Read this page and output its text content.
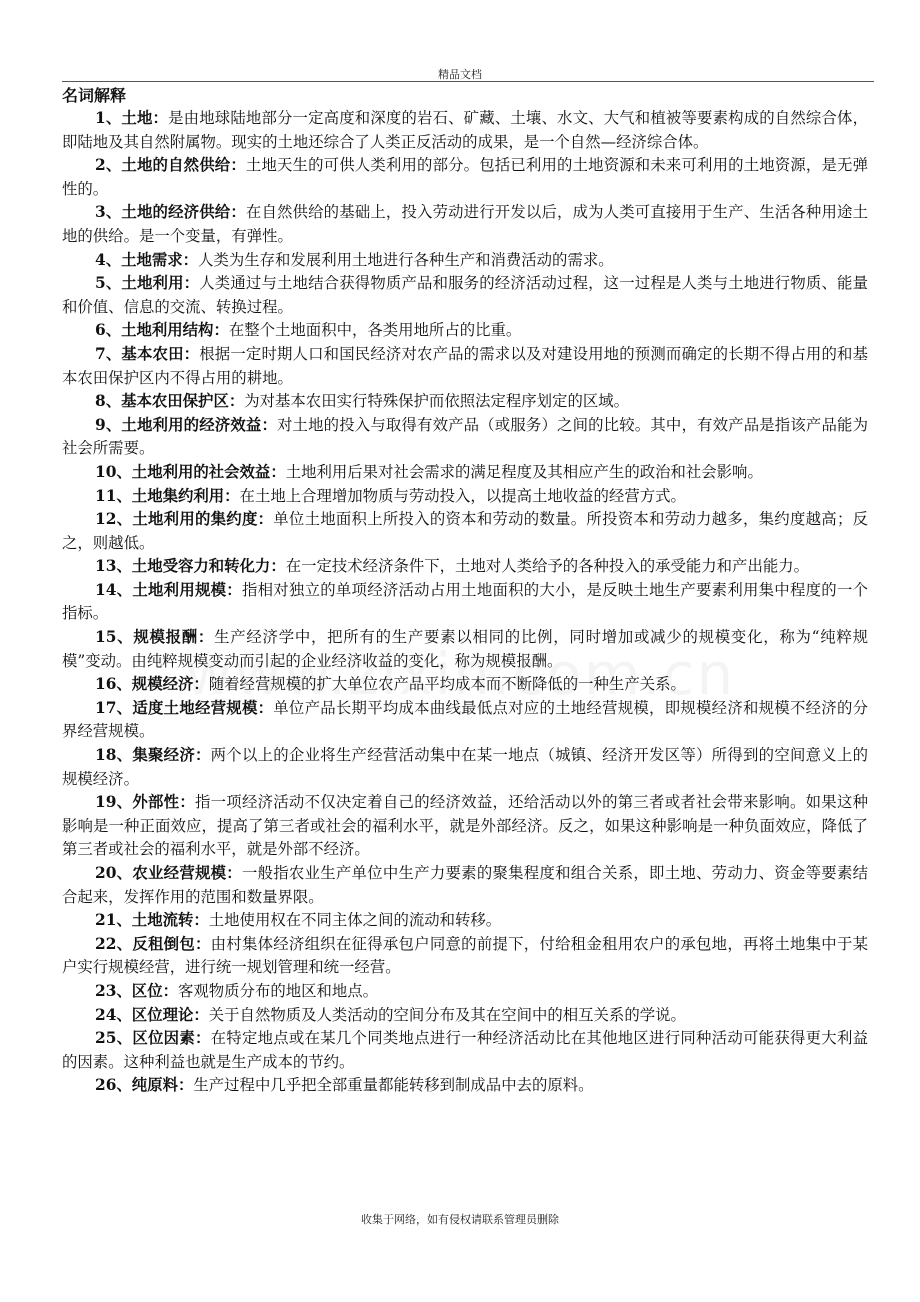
精品文档

名词解释

1、土地：是由地球陆地部分一定高度和深度的岩石、矿藏、土壤、水文、大气和植被等要素构成的自然综合体，即陆地及其自然附属物。现实的土地还综合了人类正反活动的成果，是一个自然—经济综合体。

2、土地的自然供给：土地天生的可供人类利用的部分。包括已利用的土地资源和未来可利用的土地资源，是无弹性的。

3、土地的经济供给：在自然供给的基础上，投入劳动进行开发以后，成为人类可直接用于生产、生活各种用途土地的供给。是一个变量，有弹性。

4、土地需求：人类为生存和发展利用土地进行各种生产和消费活动的需求。

5、土地利用：人类通过与土地结合获得物质产品和服务的经济活动过程，这一过程是人类与土地进行物质、能量和价值、信息的交流、转换过程。

6、土地利用结构：在整个土地面积中，各类用地所占的比重。

7、基本农田：根据一定时期人口和国民经济对农产品的需求以及对建设用地的预测而确定的长期不得占用的和基本农田保护区内不得占用的耕地。

8、基本农田保护区：为对基本农田实行特殊保护而依照法定程序划定的区域。

9、土地利用的经济效益：对土地的投入与取得有效产品（或服务）之间的比较。其中，有效产品是指该产品能为社会所需要。

10、土地利用的社会效益：土地利用后果对社会需求的满足程度及其相应产生的政治和社会影响。

11、土地集约利用：在土地上合理增加物质与劳动投入，以提高土地收益的经营方式。

12、土地利用的集约度：单位土地面积上所投入的资本和劳动的数量。所投资本和劳动力越多，集约度越高；反之，则越低。

13、土地受容力和转化力：在一定技术经济条件下，土地对人类给予的各种投入的承受能力和产出能力。

14、土地利用规模：指相对独立的单项经济活动占用土地面积的大小，是反映土地生产要素利用集中程度的一个指标。

15、规模报酬：生产经济学中，把所有的生产要素以相同的比例，同时增加或减少的规模变化，称为“纯粹规模”变动。由纯粹规模变动而引起的企业经济收益的变化，称为规模报酬。

16、规模经济：随着经营规模的扩大单位农产品平均成本而不断降低的一种生产关系。

17、适度土地经营规模：单位产品长期平均成本曲线最低点对应的土地经营规模，即规模经济和规模不经济的分界经营规模。

18、集聚经济：两个以上的企业将生产经营活动集中在某一地点（城镇、经济开发区等）所得到的空间意义上的规模经济。

19、外部性：指一项经济活动不仅决定着自己的经济效益，还给活动以外的第三者或者社会带来影响。如果这种影响是一种正面效应，提高了第三者或社会的福利水平，就是外部经济。反之，如果这种影响是一种负面效应，降低了第三者或社会的福利水平，就是外部不经济。

20、农业经营规模：一般指农业生产单位中生产力要素的聚集程度和组合关系，即土地、劳动力、资金等要素结合起来，发挥作用的范围和数量界限。

21、土地流转：土地使用权在不同主体之间的流动和转移。

22、反租倒包：由村集体经济组织在征得承包户同意的前提下，付给租金租用农户的承包地，再将土地集中于某户实行规模经营，进行统一规划管理和统一经营。

23、区位：客观物质分布的地区和地点。

24、区位理论：关于自然物质及人类活动的空间分布及其在空间中的相互关系的学说。

25、区位因素：在特定地点或在某几个同类地点进行一种经济活动比在其他地区进行同种活动可能获得更大利益的因素。这种利益也就是生产成本的节约。

26、纯原料：生产过程中几乎把全部重量都能转移到制成品中去的原料。

收集于网络，如有侵权请联系管理员删除
